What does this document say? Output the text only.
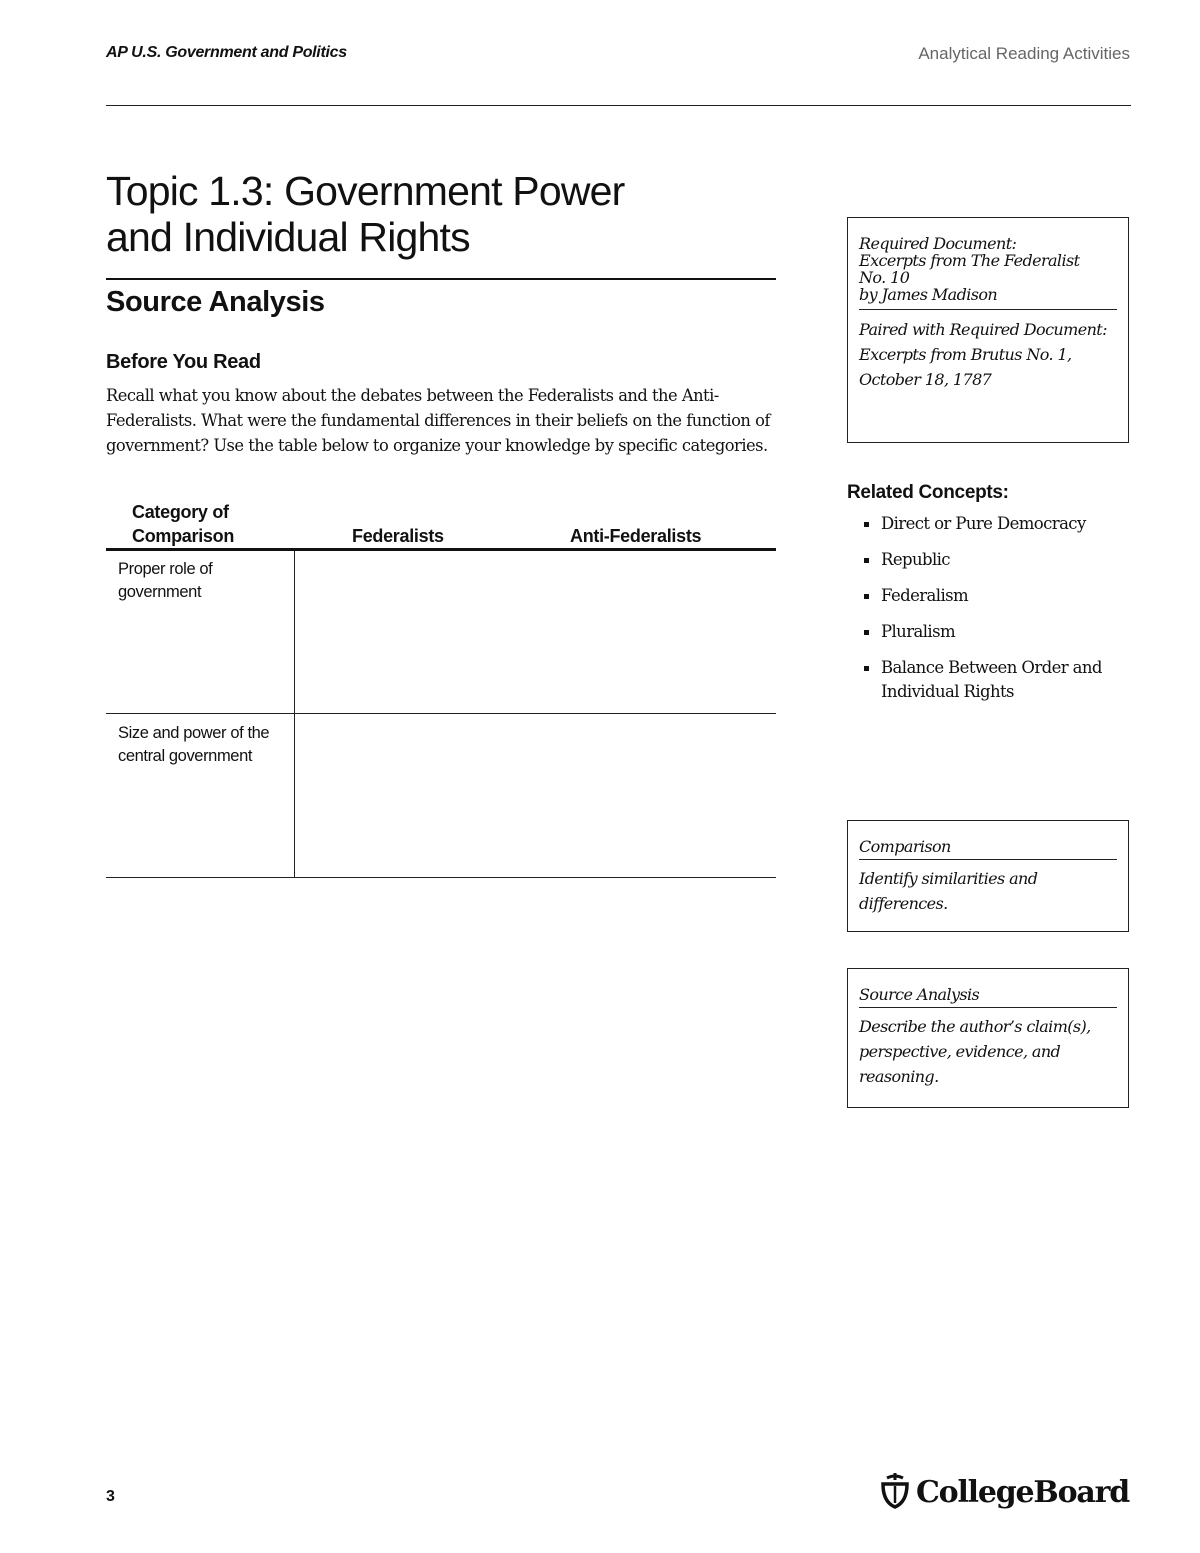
AP U.S. Government and Politics	Analytical Reading Activities
Topic 1.3: Government Power
and Individual Rights
Source Analysis
Before You Read

Recall what you know about the debates between the Federalists and the Anti-Federalists. What were the fundamental differences in their beliefs on the function of government? Use the table below to organize your knowledge by specific categories.

Category of
Comparison	Federalists	Anti-Federalists
Proper role of government
Size and power of the central government
Required Document:
Excerpts from The Federalist
No. 10
by James Madison
Paired with Required Document: Excerpts from Brutus No. 1, October 18, 1787
Related Concepts:
Direct or Pure Democracy
Republic
Federalism
Pluralism
Balance Between Order and Individual Rights
Comparison
Identify similarities and differences.
Source Analysis
Describe the author’s claim(s), perspective, evidence, and reasoning.
3	CollegeBoard
